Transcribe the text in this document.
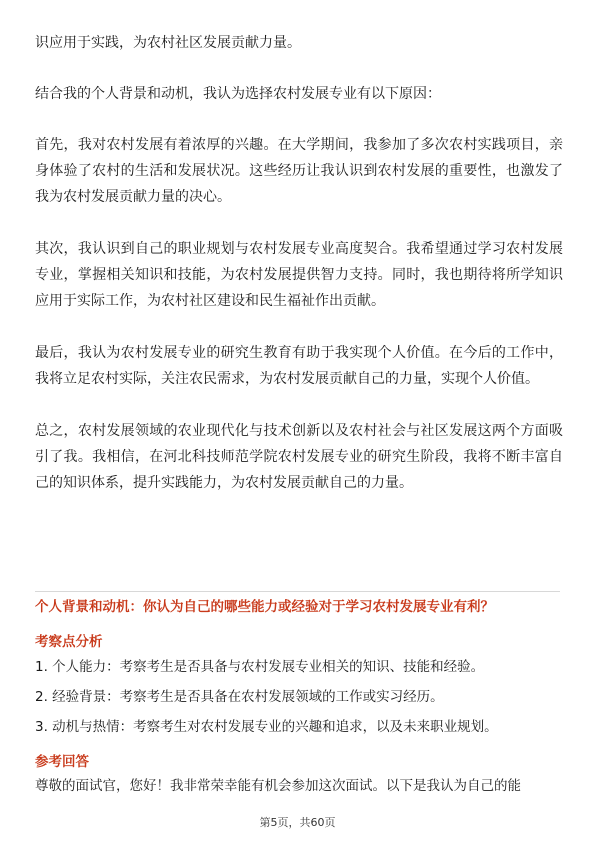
识应用于实践，为农村社区发展贡献力量。

结合我的个人背景和动机，我认为选择农村发展专业有以下原因：

首先，我对农村发展有着浓厚的兴趣。在大学期间，我参加了多次农村实践项目，亲身体验了农村的生活和发展状况。这些经历让我认识到农村发展的重要性，也激发了我为农村发展贡献力量的决心。

其次，我认识到自己的职业规划与农村发展专业高度契合。我希望通过学习农村发展专业，掌握相关知识和技能，为农村发展提供智力支持。同时，我也期待将所学知识应用于实际工作，为农村社区建设和民生福祉作出贡献。

最后，我认为农村发展专业的研究生教育有助于我实现个人价值。在今后的工作中，我将立足农村实际，关注农民需求，为农村发展贡献自己的力量，实现个人价值。

总之，农村发展领域的农业现代化与技术创新以及农村社会与社区发展这两个方面吸引了我。我相信，在河北科技师范学院农村发展专业的研究生阶段，我将不断丰富自己的知识体系，提升实践能力，为农村发展贡献自己的力量。

个人背景和动机：你认为自己的哪些能力或经验对于学习农村发展专业有利？
考察点分析
1. 个人能力：考察考生是否具备与农村发展专业相关的知识、技能和经验。
2. 经验背景：考察考生是否具备在农村发展领域的工作或实习经历。
3. 动机与热情：考察考生对农村发展专业的兴趣和追求，以及未来职业规划。
参考回答
尊敬的面试官，您好！我非常荣幸能有机会参加这次面试。以下是我认为自己的能
第5页，共60页
